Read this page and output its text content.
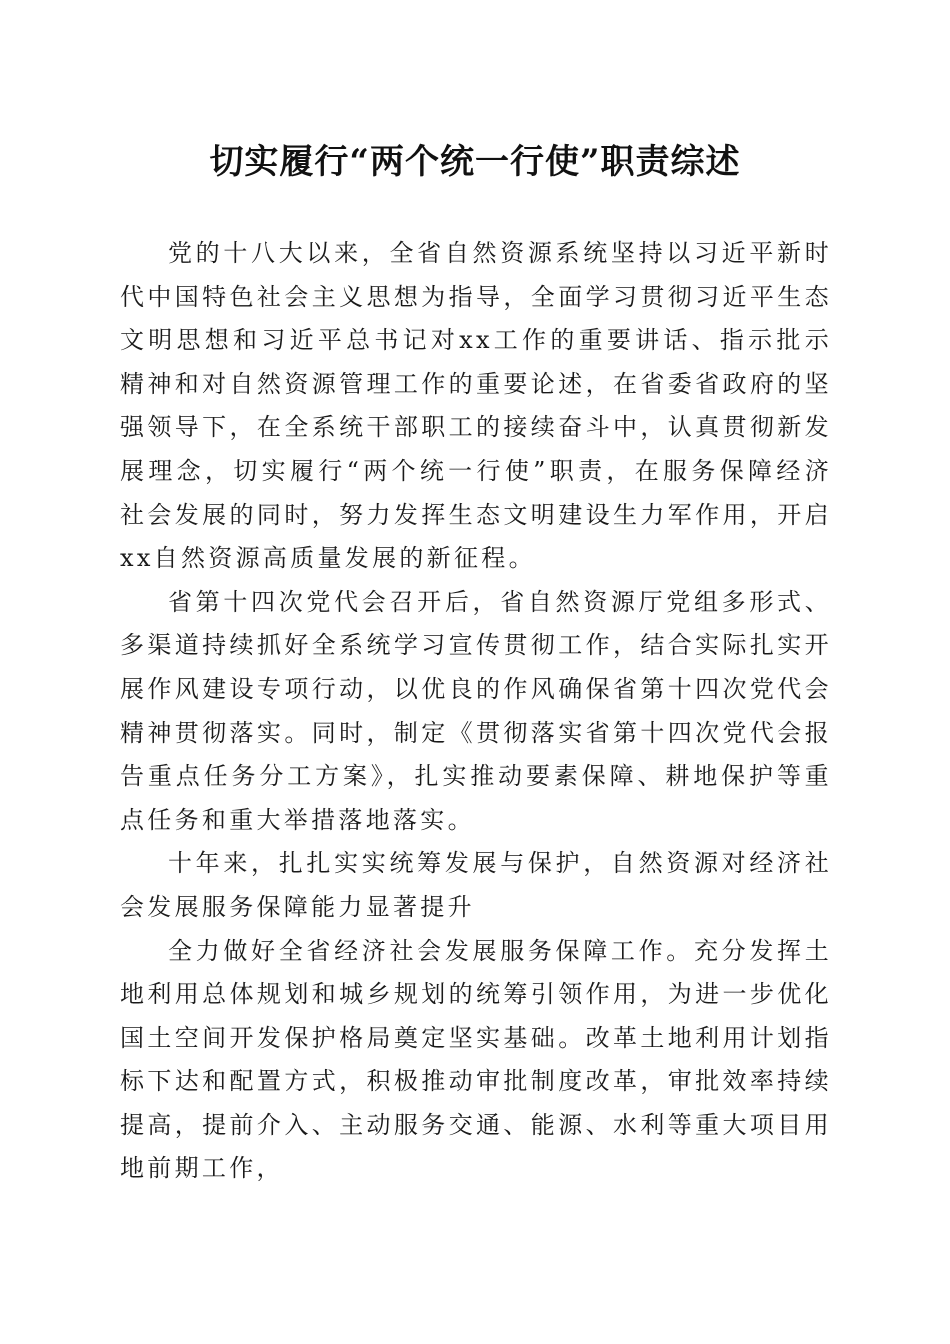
切实履行“两个统一行使”职责综述

党的十八大以来，全省自然资源系统坚持以习近平新时代中国特色社会主义思想为指导，全面学习贯彻习近平生态文明思想和习近平总书记对xx工作的重要讲话、指示批示精神和对自然资源管理工作的重要论述，在省委省政府的坚强领导下，在全系统干部职工的接续奋斗中，认真贯彻新发展理念，切实履行“两个统一行使”职责，在服务保障经济社会发展的同时，努力发挥生态文明建设生力军作用，开启xx自然资源高质量发展的新征程。

省第十四次党代会召开后，省自然资源厅党组多形式、多渠道持续抓好全系统学习宣传贯彻工作，结合实际扎实开展作风建设专项行动，以优良的作风确保省第十四次党代会精神贯彻落实。同时，制定《贯彻落实省第十四次党代会报告重点任务分工方案》，扎实推动要素保障、耕地保护等重点任务和重大举措落地落实。

十年来，扎扎实实统筹发展与保护，自然资源对经济社会发展服务保障能力显著提升

全力做好全省经济社会发展服务保障工作。充分发挥土地利用总体规划和城乡规划的统筹引领作用，为进一步优化国土空间开发保护格局奠定坚实基础。改革土地利用计划指标下达和配置方式，积极推动审批制度改革，审批效率持续提高，提前介入、主动服务交通、能源、水利等重大项目用地前期工作，
